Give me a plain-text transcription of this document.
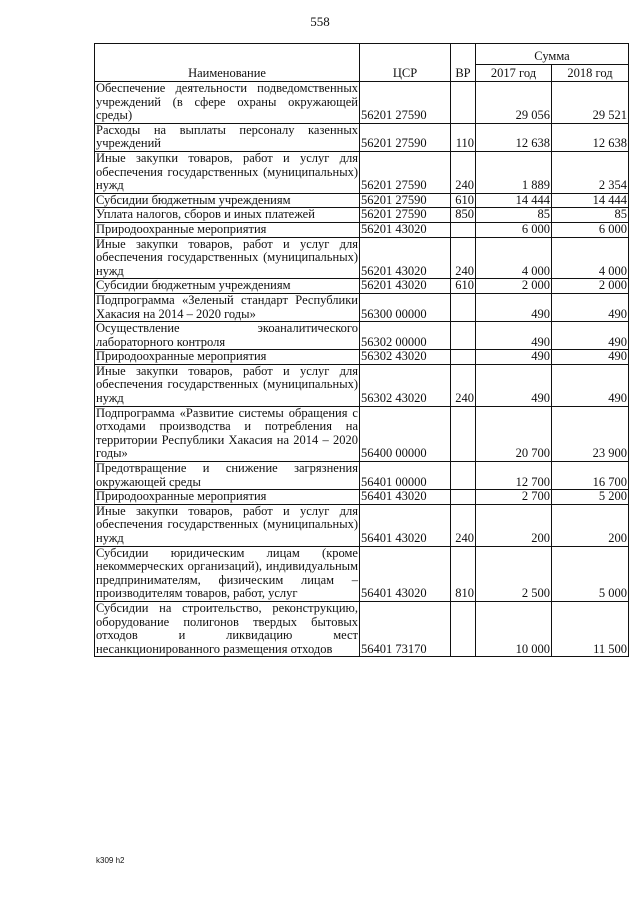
558
Наименование	ЦСР	ВР	Сумма	
			2017 год	2018 год
Обеспечение деятельности подведомственных учреждений (в сфере охраны окружающей среды)	56201 27590		29 056	29 521
Расходы на выплаты персоналу казенных учреждений	56201 27590	110	12 638	12 638
Иные закупки товаров, работ и услуг для обеспечения государственных (муниципальных) нужд	56201 27590	240	1 889	2 354
Субсидии бюджетным учреждениям	56201 27590	610	14 444	14 444
Уплата налогов, сборов и иных платежей	56201 27590	850	85	85
Природоохранные мероприятия	56201 43020		6 000	6 000
Иные закупки товаров, работ и услуг для обеспечения государственных (муниципальных) нужд	56201 43020	240	4 000	4 000
Субсидии бюджетным учреждениям	56201 43020	610	2 000	2 000
Подпрограмма «Зеленый стандарт Республики Хакасия на 2014 – 2020 годы»	56300 00000		490	490
Осуществление экоаналитического лабораторного контроля	56302 00000		490	490
Природоохранные мероприятия	56302 43020		490	490
Иные закупки товаров, работ и услуг для обеспечения государственных (муниципальных) нужд	56302 43020	240	490	490
Подпрограмма «Развитие системы обращения с отходами производства и потребления на территории Республики Хакасия на 2014 – 2020 годы»	56400 00000		20 700	23 900
Предотвращение и снижение загрязнения окружающей среды	56401 00000		12 700	16 700
Природоохранные мероприятия	56401 43020		2 700	5 200
Иные закупки товаров, работ и услуг для обеспечения государственных (муниципальных) нужд	56401 43020	240	200	200
Субсидии юридическим лицам (кроме некоммерческих организаций), индивидуальным предпринимателям, физическим лицам – производителям товаров, работ, услуг	56401 43020	810	2 500	5 000
Субсидии на строительство, реконструкцию, оборудование полигонов твердых бытовых отходов и ликвидацию мест несанкционированного размещения отходов	56401 73170		10 000	11 500
k309 h2
